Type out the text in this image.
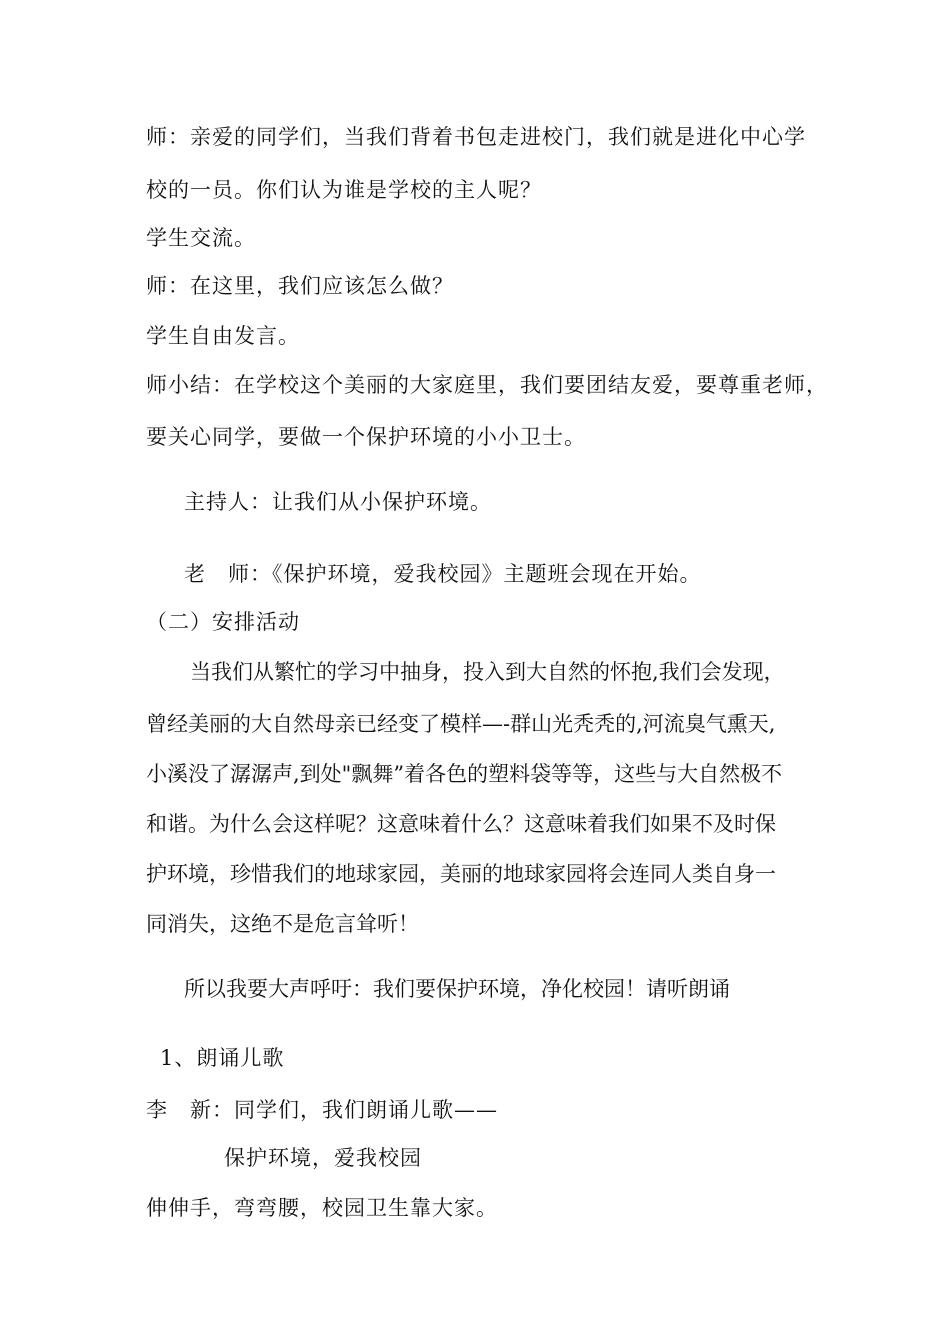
师：亲爱的同学们，当我们背着书包走进校门，我们就是进化中心学
校的一员。你们认为谁是学校的主人呢？
学生交流。
师：在这里，我们应该怎么做？
学生自由发言。
师小结：在学校这个美丽的大家庭里，我们要团结友爱，要尊重老师，
要关心同学，要做一个保护环境的小小卫士。
主持人：让我们从小保护环境。
老　师：《保护环境，爱我校园》主题班会现在开始。
（二）安排活动
当我们从繁忙的学习中抽身，投入到大自然的怀抱,我们会发现，
曾经美丽的大自然母亲已经变了模样—-群山光秃秃的,河流臭气熏天,
小溪没了潺潺声,到处"飘舞”着各色的塑料袋等等，这些与大自然极不
和谐。为什么会这样呢？这意味着什么？这意味着我们如果不及时保
护环境，珍惜我们的地球家园，美丽的地球家园将会连同人类自身一
同消失，这绝不是危言耸听！
所以我要大声呼吁：我们要保护环境，净化校园！请听朗诵
1、朗诵儿歌
李　新：同学们，我们朗诵儿歌——
保护环境，爱我校园
伸伸手，弯弯腰，校园卫生靠大家。
